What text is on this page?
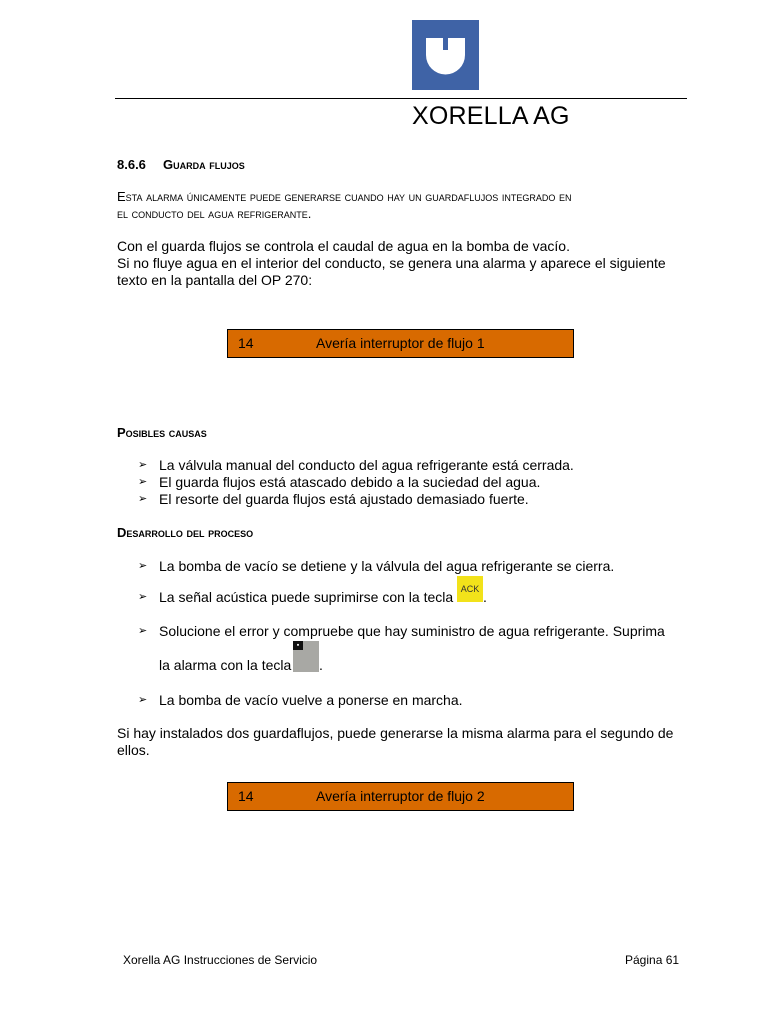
XORELLA AG
8.6.6 Guarda flujos
Esta alarma únicamente puede generarse cuando hay un guardaflujos integrado en
el conducto del agua refrigerante.
Con el guarda flujos se controla el caudal de agua en la bomba de vacío.
Si no fluye agua en el interior del conducto, se genera una alarma y aparece el siguiente
texto en la pantalla del OP 270:
14	Avería interruptor de flujo 1
Posibles causas
➢ La válvula manual del conducto del agua refrigerante está cerrada.
➢ El guarda flujos está atascado debido a la suciedad del agua.
➢ El resorte del guarda flujos está ajustado demasiado fuerte.
Desarrollo del proceso
➢ La bomba de vacío se detiene y la válvula del agua refrigerante se cierra.
➢ La señal acústica puede suprimirse con la tecla ACK .
➢ Solucione el error y compruebe que hay suministro de agua refrigerante. Suprima
▪
la alarma con la tecla .
➢ La bomba de vacío vuelve a ponerse en marcha.
Si hay instalados dos guardaflujos, puede generarse la misma alarma para el segundo de
ellos.
14	Avería interruptor de flujo 2
Xorella AG Instrucciones de Servicio	Página 61
